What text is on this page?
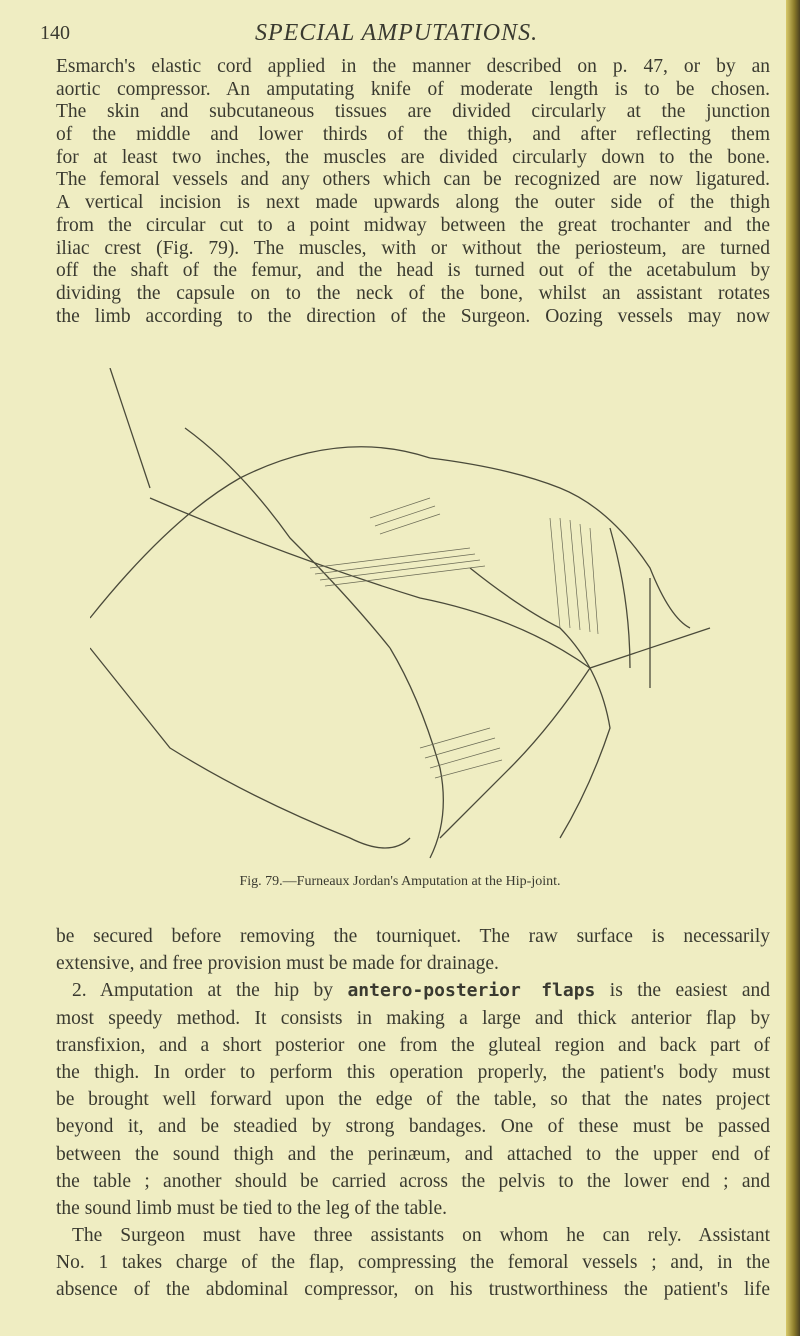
140	SPECIAL AMPUTATIONS.
Esmarch's elastic cord applied in the manner described on p. 47, or by an
aortic compressor. An amputating knife of moderate length is to be chosen.
The skin and subcutaneous tissues are divided circularly at the junction
of the middle and lower thirds of the thigh, and after reflecting them
for at least two inches, the muscles are divided circularly down to the bone.
The femoral vessels and any others which can be recognized are now ligatured.
A vertical incision is next made upwards along the outer side of the thigh
from the circular cut to a point midway between the great trochanter and the
iliac crest (Fig. 79). The muscles, with or without the periosteum, are turned
off the shaft of the femur, and the head is turned out of the acetabulum by
dividing the capsule on to the neck of the bone, whilst an assistant rotates
the limb according to the direction of the Surgeon. Oozing vessels may now
Fig. 79.—Furneaux Jordan's Amputation at the Hip-joint.
be secured before removing the tourniquet. The raw surface is necessarily
extensive, and free provision must be made for drainage.
2. Amputation at the hip by antero-posterior flaps is the easiest and
most speedy method. It consists in making a large and thick anterior flap by
transfixion, and a short posterior one from the gluteal region and back part of
the thigh. In order to perform this operation properly, the patient's body must
be brought well forward upon the edge of the table, so that the nates project
beyond it, and be steadied by strong bandages. One of these must be passed
between the sound thigh and the perinæum, and attached to the upper end of
the table ; another should be carried across the pelvis to the lower end ; and
the sound limb must be tied to the leg of the table.
The Surgeon must have three assistants on whom he can rely. Assistant
No. 1 takes charge of the flap, compressing the femoral vessels ; and, in the
absence of the abdominal compressor, on his trustworthiness the patient's life
